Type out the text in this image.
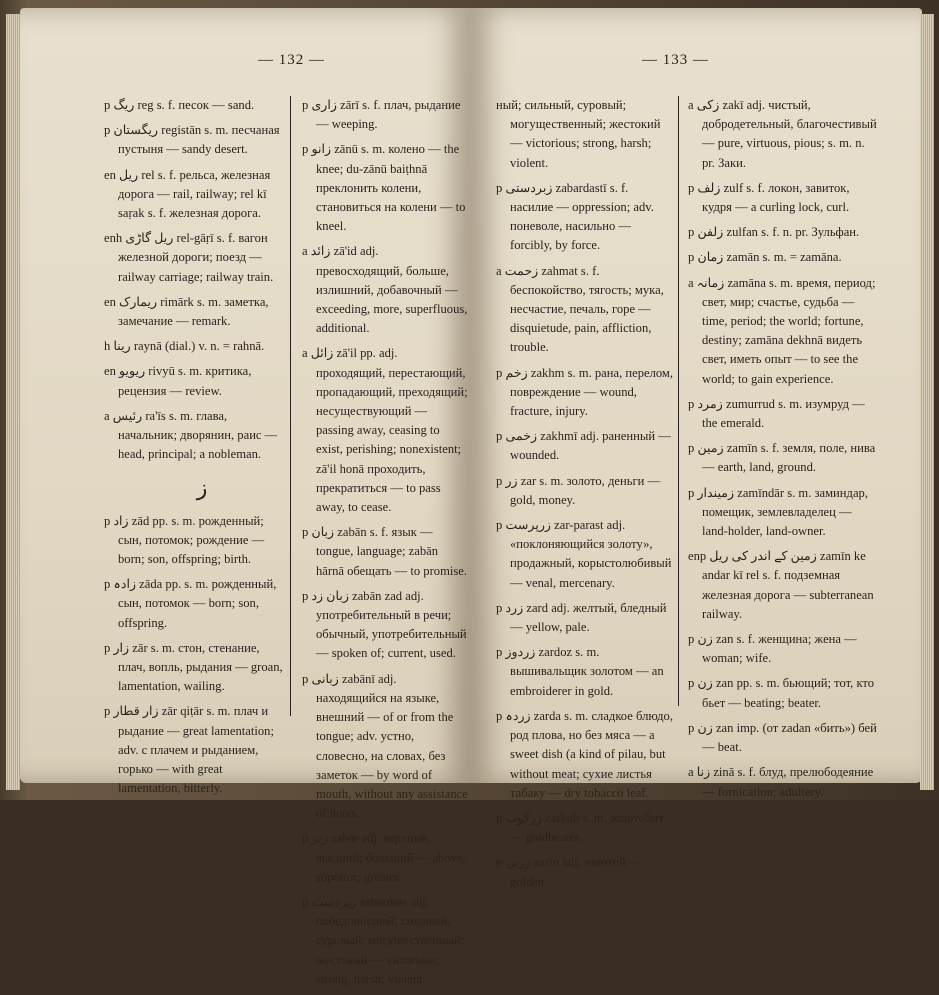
— 132 —

p ریگ reg s. f. песок — sand.

p ریگستان registān s. m. песчаная пустыня — sandy desert.

en ریل rel s. f. рельса, железная дорога — rail, railway; rel kī saṛak s. f. железная дорога.

enh ریل گاڑی rel-gāṛī s. f. вагон железной дороги; поезд — railway carriage; railway train.

en ریمارک rimārk s. m. заметка, замечание — remark.

h رینا raynā (dial.) v. n. = rahnā.

en ریویو rivyū s. m. критика, рецензия — review.

a رئیس ra'īs s. m. глава, начальник; дворянин, раис — head, principal; a nobleman.

ز

p زاد zād pp. s. m. рожденный; сын, потомок; рождение — born; son, offspring; birth.

p زادہ zāda pp. s. m. рожденный, сын, потомок — born; son, offspring.

p زار zār s. m. стон, стенание, плач, вопль, рыдания — groan, lamentation, wailing.

p زار قطار zār qiṭār s. m. плач и рыдание — great lamentation; adv. с плачем и рыданием, горько — with great lamentation, bitterly.

p زاری zārī s. f. плач, рыдание — weeping.

p زانو zānū s. m. колено — the knee; du-zānū baiṭhnā преклонить колени, становиться на колени — to kneel.

a زائد zā'id adj. превосходящий, больше, излишний, добавочный — exceeding, more, superfluous, additional.

a زائل zā'il pp. adj. проходящий, перестающий, пропадающий, преходящий; несуществующий — passing away, ceasing to exist, perishing; nonexistent; zā'il honā проходить, прекратиться — to pass away, to cease.

p زبان zabān s. f. язык — tongue, language; zabān hārnā обещать — to promise.

p زبان زد zabān zad adj. употребительный в речи; обычный, употребительный — spoken of; current, used.

p زبانی zabānī adj. находящийся на языке, внешний — of or from the tongue; adv. устно, словесно, на словах, без заметок — by word of mouth, without any assistance of notes.

p زبر zabar adj. верхний, высший; больший — above, superior; greater.

p زبردست zabardast adj. победоносный; сильный, суровый; могущественный; жестокий — victorious; strong, harsh; violent.

— 133 —

ный; сильный, суровый; могущественный; жестокий — victorious; strong, harsh; violent.

p زبردستی zabardastī s. f. насилие — oppression; adv. поневоле, насильно — forcibly, by force.

a زحمت zahmat s. f. беспокойство, тягость; мука, несчастие, печаль, горе — disquietude, pain, affliction, trouble.

p زخم zakhm s. m. рана, перелом, повреждение — wound, fracture, injury.

p زخمی zakhmī adj. раненный — wounded.

p زر zar s. m. золото, деньги — gold, money.

p زرپرست zar-parast adj. «поклоняющийся золоту», продажный, корыстолюбивый — venal, mercenary.

p زرد zard adj. желтый, бледный — yellow, pale.

p زردوز zardoz s. m. вышивальщик золотом — an embroiderer in gold.

p زردہ zarda s. m. сладкое блюдо, род плова, но без мяса — a sweet dish (a kind of pilau, but without meat; сухие листья табаку — dry tobacco leaf.

p زرکوب zarkob s. m. золотобит — goldbeater.

p زرین zarīn adj. золотой — golden.

a زکی zakī adj. чистый, добродетельный, благочестивый — pure, virtuous, pious; s. m. n. pr. Заки.

p زلف zulf s. f. локон, завиток, кудря — a curling lock, curl.

p زلفن zulfan s. f. n. pr. Зульфан.

p زمان zamān s. m. = zamāna.

a زمانہ zamāna s. m. время, период; свет, мир; счастье, судьба — time, period; the world; fortune, destiny; zamāna dekhnā видеть свет, иметь опыт — to see the world; to gain experience.

p زمرد zumurrud s. m. изумруд — the emerald.

p زمین zamīn s. f. земля, поле, нива — earth, land, ground.

p زمیندار zamīndār s. m. заминдар, помещик, землевладелец — land-holder, land-owner.

enp زمین کے اندر کی ریل zamīn ke andar kī rel s. f. подземная железная дорога — subterranean railway.

p زن zan s. f. женщина; жена — woman; wife.

p زن zan pp. s. m. бьющий; тот, кто бьет — beating; beater.

p زن zan imp. (от zadan «бить») бей — beat.

a زنا zinā s. f. блуд, прелюбодеяние — fornication; adultery.
